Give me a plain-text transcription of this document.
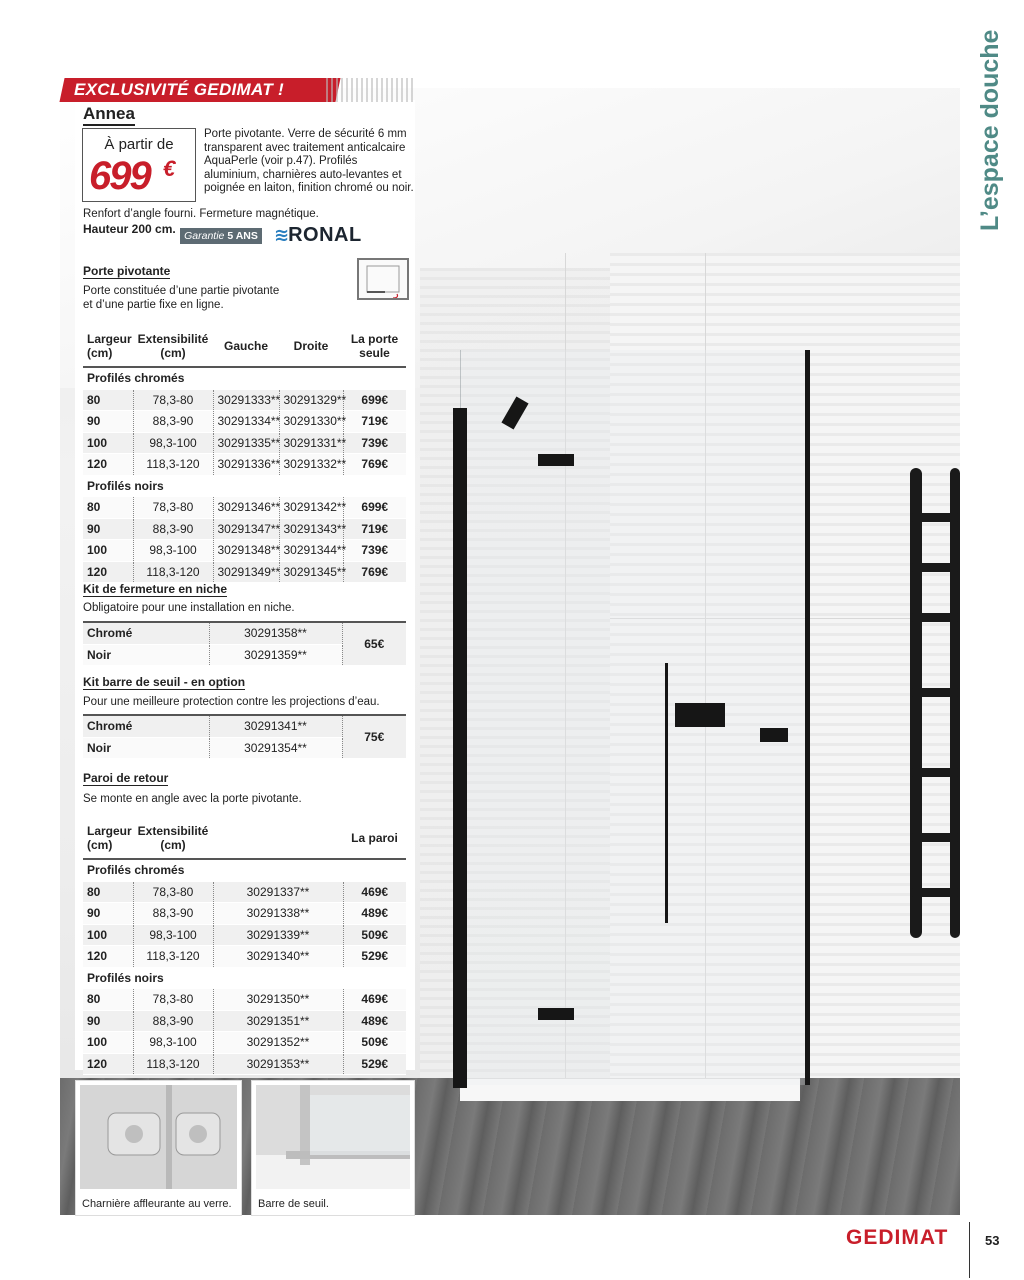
EXCLUSIVITÉ GEDIMAT !
Annea
À partir de
699 €
Porte pivotante. Verre de sécurité 6 mm transparent avec traitement anticalcaire AquaPerle (voir p.47). Profilés aluminium, charnières auto-levantes et poignée en laiton, finition chromé ou noir.
Renfort d’angle fourni. Fermeture magnétique.
Hauteur 200 cm. Garantie 5 ANS ≋ RONAL
Porte pivotante
Porte constituée d’une partie pivotante et d’une partie fixe en ligne.
Largeur (cm)	Extensibilité (cm)	Gauche	Droite	La porte seule
Profilés chromés				
80	78,3-80	30291333**	30291329**	699€
90	88,3-90	30291334**	30291330**	719€
100	98,3-100	30291335**	30291331**	739€
120	118,3-120	30291336**	30291332**	769€
Profilés noirs				
80	78,3-80	30291346**	30291342**	699€
90	88,3-90	30291347**	30291343**	719€
100	98,3-100	30291348**	30291344**	739€
120	118,3-120	30291349**	30291345**	769€
Kit de fermeture en niche
Obligatoire pour une installation en niche.
Chromé	30291358**	65€
Noir	30291359**	
Kit barre de seuil - en option
Pour une meilleure protection contre les projections d’eau.
Chromé	30291341**	75€
Noir	30291354**	
Paroi de retour
Se monte en angle avec la porte pivotante.
Largeur (cm)	Extensibilité (cm)		La paroi
Profilés chromés			
80	78,3-80	30291337**	469€
90	88,3-90	30291338**	489€
100	98,3-100	30291339**	509€
120	118,3-120	30291340**	529€
Profilés noirs			
80	78,3-80	30291350**	469€
90	88,3-90	30291351**	489€
100	98,3-100	30291352**	509€
120	118,3-120	30291353**	529€
Charnière affleurante au verre. Barre de seuil.
L’espace douche
GEDIMAT	53
